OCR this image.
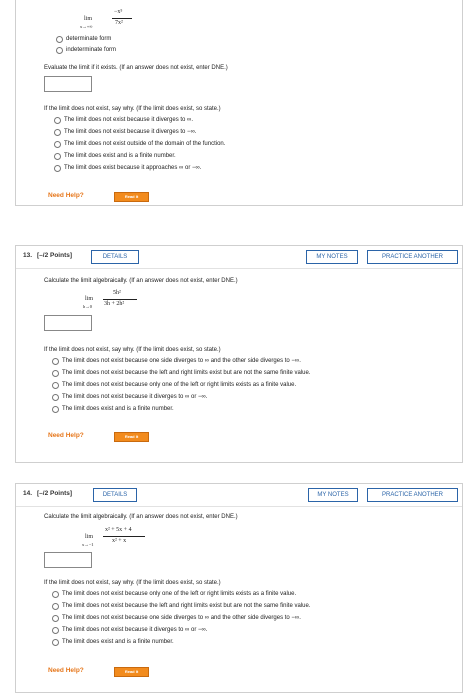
lim
x→+∞
−x⁵
7x²
determinate form
indeterminate form
Evaluate the limit if it exists. (If an answer does not exist, enter DNE.)
If the limit does not exist, say why. (If the limit does exist, so state.)
The limit does not exist because it diverges to ∞.
The limit does not exist because it diverges to −∞.
The limit does not exist outside of the domain of the function.
The limit does exist and is a finite number.
The limit does exist because it approaches ∞ or −∞.
Need Help?	Read It
13. [–/2 Points]	DETAILS	MY NOTES	PRACTICE ANOTHER
Calculate the limit algebraically. (If an answer does not exist, enter DNE.)
lim
h→0
5h²
3h + 2h²
If the limit does not exist, say why. (If the limit does exist, so state.)
The limit does not exist because one side diverges to ∞ and the other side diverges to −∞.
The limit does not exist because the left and right limits exist but are not the same finite value.
The limit does not exist because only one of the left or right limits exists as a finite value.
The limit does not exist because it diverges to ∞ or −∞.
The limit does exist and is a finite number.
Need Help?	Read It
14. [–/2 Points]	DETAILS	MY NOTES	PRACTICE ANOTHER
Calculate the limit algebraically. (If an answer does not exist, enter DNE.)
lim
x→−1
x² + 5x + 4
x² + x
If the limit does not exist, say why. (If the limit does exist, so state.)
The limit does not exist because only one of the left or right limits exists as a finite value.
The limit does not exist because the left and right limits exist but are not the same finite value.
The limit does not exist because one side diverges to ∞ and the other side diverges to −∞.
The limit does not exist because it diverges to ∞ or −∞.
The limit does exist and is a finite number.
Need Help?	Read It
